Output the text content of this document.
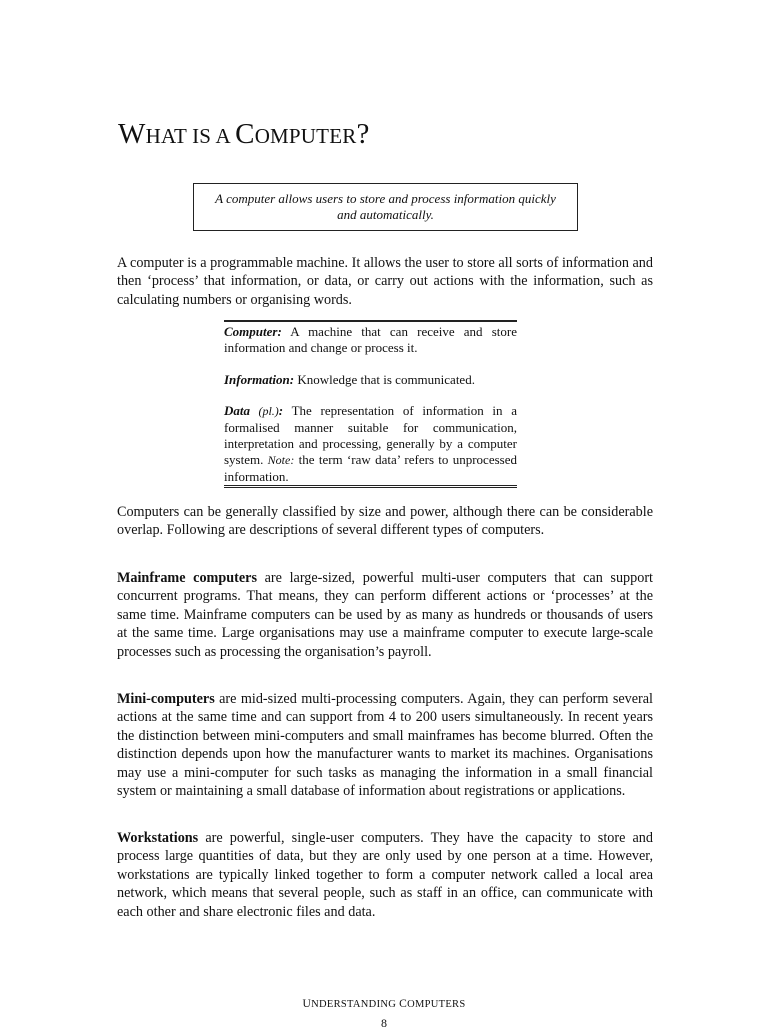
WHAT IS A COMPUTER?
A computer allows users to store and process information quickly and automatically.

A computer is a programmable machine. It allows the user to store all sorts of information and then ‘process’ that information, or data, or carry out actions with the information, such as calculating numbers or organising words.

Computer: A machine that can receive and store information and change or process it.

Information: Knowledge that is communicated.

Data (pl.): The representation of information in a formalised manner suitable for communication, interpretation and processing, generally by a computer system. Note: the term ‘raw data’ refers to unprocessed information.

Computers can be generally classified by size and power, although there can be considerable overlap. Following are descriptions of several different types of computers.

Mainframe computers are large-sized, powerful multi-user computers that can support concurrent programs. That means, they can perform different actions or ‘processes’ at the same time. Mainframe computers can be used by as many as hundreds or thousands of users at the same time. Large organisations may use a mainframe computer to execute large-scale processes such as processing the organisation’s payroll.

Mini-computers are mid-sized multi-processing computers. Again, they can perform several actions at the same time and can support from 4 to 200 users simultaneously. In recent years the distinction between mini-computers and small mainframes has become blurred. Often the distinction depends upon how the manufacturer wants to market its machines. Organisations may use a mini-computer for such tasks as managing the information in a small financial system or maintaining a small database of information about registrations or applications.

Workstations are powerful, single-user computers. They have the capacity to store and process large quantities of data, but they are only used by one person at a time. However, workstations are typically linked together to form a computer network called a local area network, which means that several people, such as staff in an office, can communicate with each other and share electronic files and data.

UNDERSTANDING COMPUTERS
8
